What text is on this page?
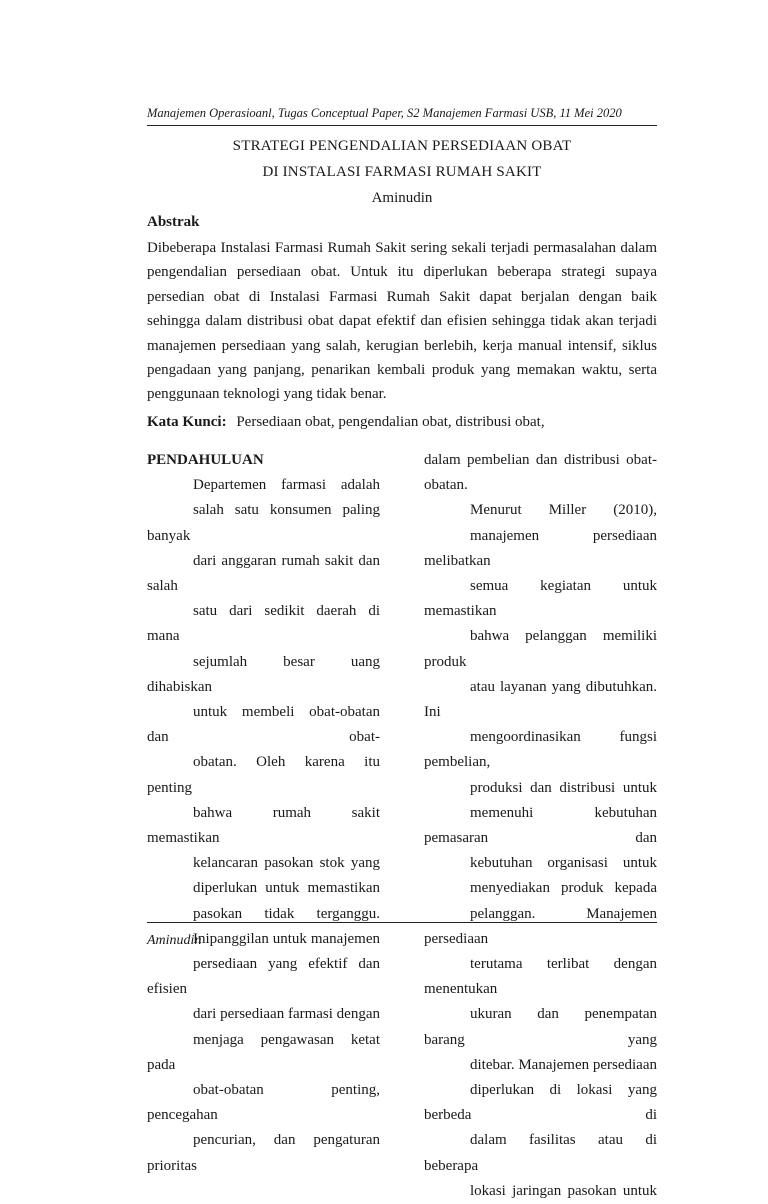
Manajemen Operasioanl, Tugas Conceptual Paper, S2 Manajemen Farmasi USB, 11 Mei 2020
STRATEGI PENGENDALIAN PERSEDIAAN OBAT
DI INSTALASI FARMASI RUMAH SAKIT
Aminudin
Abstrak

Dibeberapa Instalasi Farmasi Rumah Sakit sering sekali terjadi permasalahan dalam pengendalian persediaan obat. Untuk itu diperlukan beberapa strategi supaya persedian obat di Instalasi Farmasi Rumah Sakit dapat berjalan dengan baik sehingga dalam distribusi obat dapat efektif dan efisien sehingga tidak akan terjadi manajemen persediaan yang salah, kerugian berlebih, kerja manual intensif, siklus pengadaan yang panjang, penarikan kembali produk yang memakan waktu, serta penggunaan teknologi yang tidak benar.

Kata Kunci: Persediaan obat, pengendalian obat, distribusi obat,

PENDAHULUAN

Departemen farmasi adalah
salah satu konsumen paling banyak
dari anggaran rumah sakit dan salah
satu dari sedikit daerah di mana
sejumlah besar uang dihabiskan
untuk membeli obat-obatan dan obat-
obatan. Oleh karena itu penting
bahwa rumah sakit memastikan
kelancaran pasokan stok yang
diperlukan untuk memastikan
pasokan tidak terganggu.
Inipanggilan untuk manajemen
persediaan yang efektif dan efisien
dari persediaan farmasi dengan
menjaga pengawasan ketat pada
obat-obatan penting, pencegahan
pencurian, dan pengaturan prioritas

dalam pembelian dan distribusi obat-
obatan.

Menurut Miller (2010),
manajemen persediaan melibatkan
semua kegiatan untuk memastikan
bahwa pelanggan memiliki produk
atau layanan yang dibutuhkan. Ini
mengoordinasikan fungsi pembelian,
produksi dan distribusi untuk
memenuhi kebutuhan pemasaran dan
kebutuhan organisasi untuk
menyediakan produk kepada
pelanggan. Manajemen persediaan
terutama terlibat dengan menentukan
ukuran dan penempatan barang yang
ditebar. Manajemen persediaan
diperlukan di lokasi yang berbeda di
dalam fasilitas atau di beberapa
lokasi jaringan pasokan untuk

Aminudin
